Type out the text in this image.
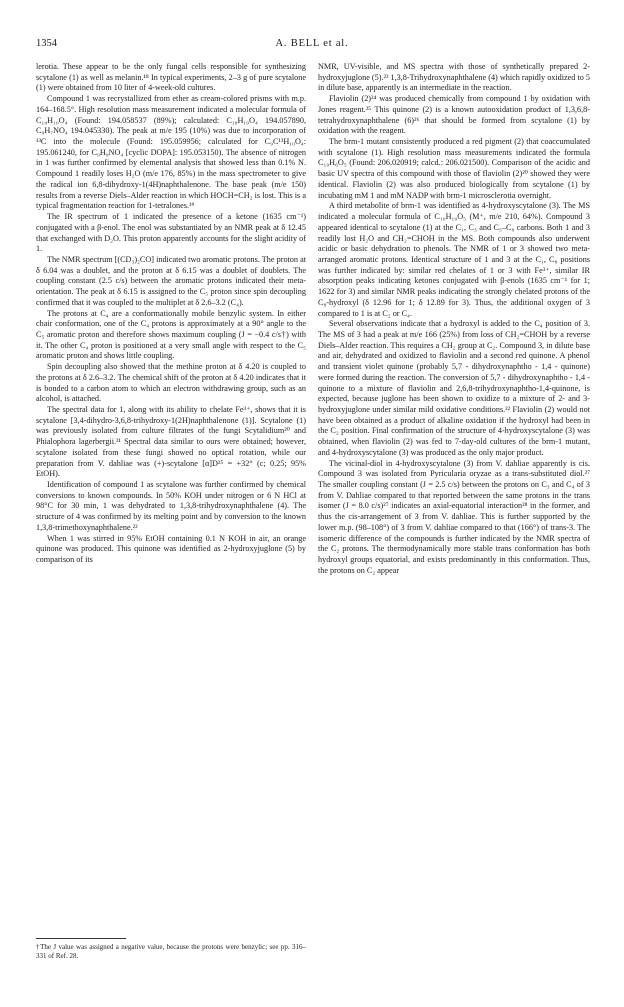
1354	A. BELL et al.

lerotia. These appear to be the only fungal cells responsible for synthesizing scytalone (1) as well as melanin.¹⁸ In typical experiments, 2–3 g of pure scytalone (1) were obtained from 10 liter of 4-week-old cultures.

Compound 1 was recrystallized from ether as cream-colored prisms with m.p. 164–168.5°. High resolution mass measurement indicated a molecular formula of C₁₀H₁₀O₄ (Found: 194.058537 (89%); calculated: C₁₀H₁₀O₄ 194.057890, C₉H₇NO₄ 194.045330). The peak at m/e 195 (10%) was due to incorporation of ¹³C into the molecule (Found: 195.059956; calculated for C₉C¹³H₁₀O₄: 195.061240, for C₉H₉NO₄ [cyclic DOPA]: 195.053150). The absence of nitrogen in 1 was further confirmed by elemental analysis that showed less than 0.1% N. Compound 1 readily loses H₂O (m/e 176, 85%) in the mass spectrometer to give the radical ion 6,8-dihydroxy-1(4H)naphthalenone. The base peak (m/e 150) results from a reverse Diels–Alder reaction in which HOCH=CH₂ is lost. This is a typical fragmentation reaction for 1-tetralones.¹⁹

The IR spectrum of 1 indicated the presence of a ketone (1635 cm⁻¹) conjugated with a β-enol. The enol was substantiated by an NMR peak at δ 12.45 that exchanged with D₂O. This proton apparently accounts for the slight acidity of 1.

The NMR spectrum [(CD₃)₂CO] indicated two aromatic protons. The proton at δ 6.04 was a doublet, and the proton at δ 6.15 was a doublet of doublets. The coupling constant (2.5 c/s) between the aromatic protons indicated their meta-orientation. The peak at δ 6.15 is assigned to the C₅ proton since spin decoupling confirmed that it was coupled to the multiplet at δ 2.6–3.2 (C₄).

The protons at C₄ are a conformationally mobile benzylic system. In either chair conformation, one of the C₄ protons is approximately at a 90° angle to the C₅ aromatic proton and therefore shows maximum coupling (J = −0.4 c/s†) with it. The other C₄ proton is positioned at a very small angle with respect to the C₅ aromatic proton and shows little coupling.

Spin decoupling also showed that the methine proton at δ 4.20 is coupled to the protons at δ 2.6–3.2. The chemical shift of the proton at δ 4.20 indicates that it is bonded to a carbon atom to which an electron withdrawing group, such as an alcohol, is attached.

The spectral data for 1, along with its ability to chelate Fe³⁺, shows that it is scytalone [3,4-dihydro-3,6,8-trihydroxy-1(2H)naphthalenone (1)]. Scytalone (1) was previously isolated from culture filtrates of the fungi Scytalidium²⁰ and Phialophora lagerbergii.²¹ Spectral data similar to ours were obtained; however, scytalone isolated from these fungi showed no optical rotation, while our preparation from V. dahliae was (+)-scytalone [α]D²⁵ = +32° (c; 0.25; 95% EtOH).

Identification of compound 1 as scytalone was further confirmed by chemical conversions to known compounds. In 50% KOH under nitrogen or 6 N HCl at 98°C for 30 min, 1 was dehydrated to 1,3,8-trihydroxynaphthalene (4). The structure of 4 was confirmed by its melting point and by conversion to the known 1,3,8-trimethoxynaphthalene.²²

When 1 was stirred in 95% EtOH containing 0.1 N KOH in air, an orange quinone was produced. This quinone was identified as 2-hydroxyjuglone (5) by comparison of its

NMR, UV-visible, and MS spectra with those of synthetically prepared 2-hydroxyjuglone (5).²³ 1,3,8-Trihydroxynaphthalene (4) which rapidly oxidized to 5 in dilute base, apparently is an intermediate in the reaction.

Flaviolin (2)²⁴ was produced chemically from compound 1 by oxidation with Jones reagent.²⁵ This quinone (2) is a known autooxidation product of 1,3,6,8-tetrahydroxynaphthalene (6)²⁶ that should be formed from scytalone (1) by oxidation with the reagent.

The brm-1 mutant consistently produced a red pigment (2) that coaccumulated with scytalone (1). High resolution mass measurements indicated the formula C₁₀H₆O₅ (Found: 206.020919; calcd.: 206.021500). Comparison of the acidic and basic UV spectra of this compound with those of flaviolin (2)²⁰ showed they were identical. Flaviolin (2) was also produced biologically from scytalone (1) by incubating mM 1 and mM NADP with brm-1 microsclerotia overnight.

A third metabolite of brm-1 was identified as 4-hydroxyscytalone (3). The MS indicated a molecular formula of C₁₀H₁₀O₅ (M⁺, m/e 210, 64%). Compound 3 appeared identical to scytalone (1) at the C₁, C₃ and C₅–C₈ carbons. Both 1 and 3 readily lost H₂O and CH₂=CHOH in the MS. Both compounds also underwent acidic or basic dehydration to phenols. The NMR of 1 or 3 showed two meta-arranged aromatic protons. Identical structure of 1 and 3 at the C₁, C₈ positions was further indicated by: similar red chelates of 1 or 3 with Fe³⁺, similar IR absorption peaks indicating ketones conjugated with β-enols (1635 cm⁻¹ for 1; 1622 for 3) and similar NMR peaks indicating the strongly chelated protons of the C₈-hydroxyl (δ 12.96 for 1; δ 12.89 for 3). Thus, the additional oxygen of 3 compared to 1 is at C₂ or C₄.

Several observations indicate that a hydroxyl is added to the C₄ position of 3. The MS of 3 had a peak at m/e 166 (25%) from loss of CH₂=CHOH by a reverse Diels–Alder reaction. This requires a CH₂ group at C₂. Compound 3, in dilute base and air, dehydrated and oxidized to flaviolin and a second red quinone. A phenol and transient violet quinone (probably 5,7 - dihydroxynaphtho - 1,4 - quinone) were formed during the reaction. The conversion of 5,7 - dihydroxynaphtho - 1,4 - quinone to a mixture of flaviolin and 2,6,8-trihydroxynaphtho-1,4-quinone, is expected, because juglone has been shown to oxidize to a mixture of 2- and 3-hydroxyjuglone under similar mild oxidative conditions.²² Flaviolin (2) would not have been obtained as a product of alkaline oxidation if the hydroxyl had been in the C₂ position. Final confirmation of the structure of 4-hydroxyscytalone (3) was obtained, when flaviolin (2) was fed to 7-day-old cultures of the brm-1 mutant, and 4-hydroxyscytalone (3) was produced as the only major product.

The vicinal-diol in 4-hydroxyscytalone (3) from V. dahliae apparently is cis. Compound 3 was isolated from Pyricularia oryzae as a trans-substituted diol.²⁷ The smaller coupling constant (J = 2.5 c/s) between the protons on C₃ and C₄ of 3 from V. Dahliae compared to that reported between the same protons in the trans isomer (J = 8.0 c/s)²⁷ indicates an axial-equatorial interaction²⁸ in the former, and thus the cis-arrangement of 3 from V. dahliae. This is further supported by the lower m.p. (98–108°) of 3 from V. dahliae compared to that (166°) of trans-3. The isomeric difference of the compounds is further indicated by the NMR spectra of the C₂ protons. The thermodynamically more stable trans conformation has both hydroxyl groups equatorial, and exists predominantly in this conformation. Thus, the protons on C₂ appear

†The J value was assigned a negative value, because the protons were benzylic; see pp. 316–331 of Ref. 28.
